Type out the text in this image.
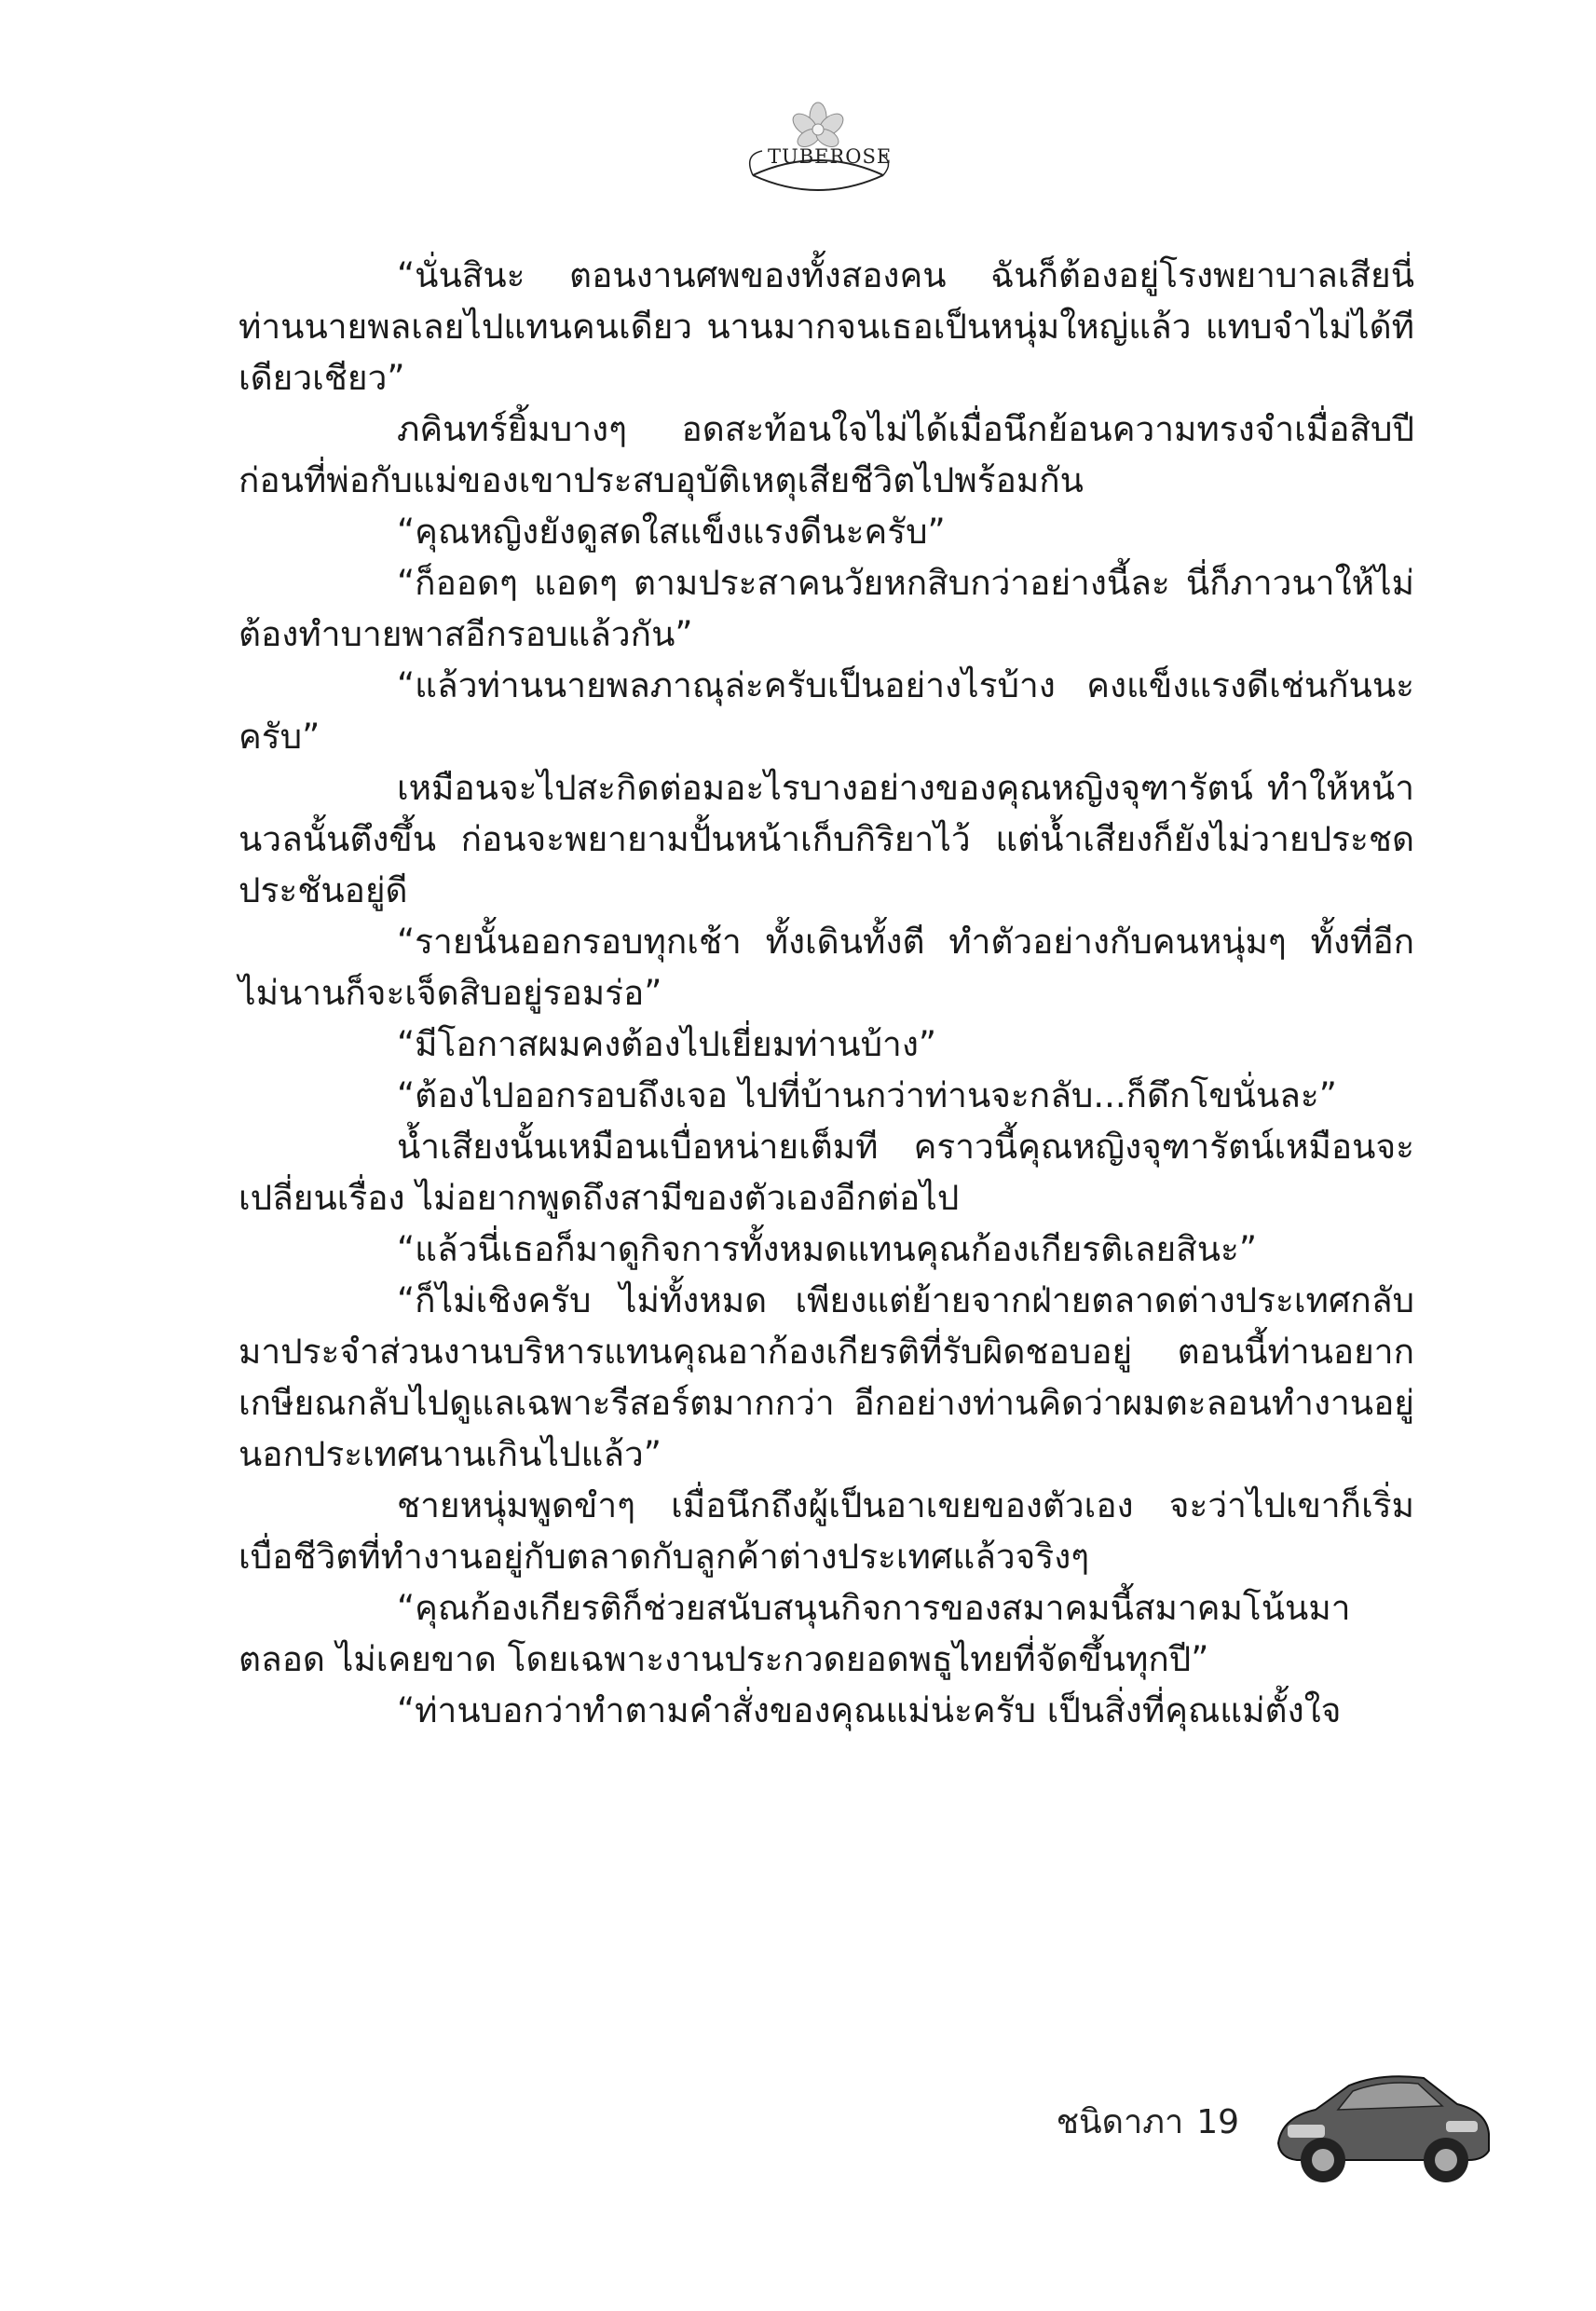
TUBEROSE

“นั่นสินะ ตอนงานศพของทั้งสองคน ฉันก็ต้องอยู่โรงพยาบาลเสียนี่ ท่านนายพลเลยไปแทนคนเดียว นานมากจนเธอเป็นหนุ่มใหญ่แล้ว แทบจำไม่ได้ทีเดียวเชียว”

ภคินทร์ยิ้มบางๆ อดสะท้อนใจไม่ได้เมื่อนึกย้อนความทรงจำเมื่อสิบปีก่อนที่พ่อกับแม่ของเขาประสบอุบัติเหตุเสียชีวิตไปพร้อมกัน

“คุณหญิงยังดูสดใสแข็งแรงดีนะครับ”

“ก็ออดๆ แอดๆ ตามประสาคนวัยหกสิบกว่าอย่างนี้ละ นี่ก็ภาวนาให้ไม่ต้องทำบายพาสอีกรอบแล้วกัน”

“แล้วท่านนายพลภาณุล่ะครับเป็นอย่างไรบ้าง คงแข็งแรงดีเช่นกันนะครับ”

เหมือนจะไปสะกิดต่อมอะไรบางอย่างของคุณหญิงจุฑารัตน์ ทำให้หน้านวลนั้นตึงขึ้น ก่อนจะพยายามปั้นหน้าเก็บกิริยาไว้ แต่น้ำเสียงก็ยังไม่วายประชดประชันอยู่ดี

“รายนั้นออกรอบทุกเช้า ทั้งเดินทั้งตี ทำตัวอย่างกับคนหนุ่มๆ ทั้งที่อีกไม่นานก็จะเจ็ดสิบอยู่รอมร่อ”

“มีโอกาสผมคงต้องไปเยี่ยมท่านบ้าง”

“ต้องไปออกรอบถึงเจอ ไปที่บ้านกว่าท่านจะกลับ...ก็ดึกโขนั่นละ”

น้ำเสียงนั้นเหมือนเบื่อหน่ายเต็มที คราวนี้คุณหญิงจุฑารัตน์เหมือนจะเปลี่ยนเรื่อง ไม่อยากพูดถึงสามีของตัวเองอีกต่อไป

“แล้วนี่เธอก็มาดูกิจการทั้งหมดแทนคุณก้องเกียรติเลยสินะ”

“ก็ไม่เชิงครับ ไม่ทั้งหมด เพียงแต่ย้ายจากฝ่ายตลาดต่างประเทศกลับมาประจำส่วนงานบริหารแทนคุณอาก้องเกียรติที่รับผิดชอบอยู่ ตอนนี้ท่านอยากเกษียณกลับไปดูแลเฉพาะรีสอร์ตมากกว่า อีกอย่างท่านคิดว่าผมตะลอนทำงานอยู่นอกประเทศนานเกินไปแล้ว”

ชายหนุ่มพูดขำๆ เมื่อนึกถึงผู้เป็นอาเขยของตัวเอง จะว่าไปเขาก็เริ่มเบื่อชีวิตที่ทำงานอยู่กับตลาดกับลูกค้าต่างประเทศแล้วจริงๆ

“คุณก้องเกียรติก็ช่วยสนับสนุนกิจการของสมาคมนี้สมาคมโน้นมาตลอด ไม่เคยขาด โดยเฉพาะงานประกวดยอดพธูไทยที่จัดขึ้นทุกปี”

“ท่านบอกว่าทำตามคำสั่งของคุณแม่น่ะครับ เป็นสิ่งที่คุณแม่ตั้งใจ

ชนิดาภา 19
